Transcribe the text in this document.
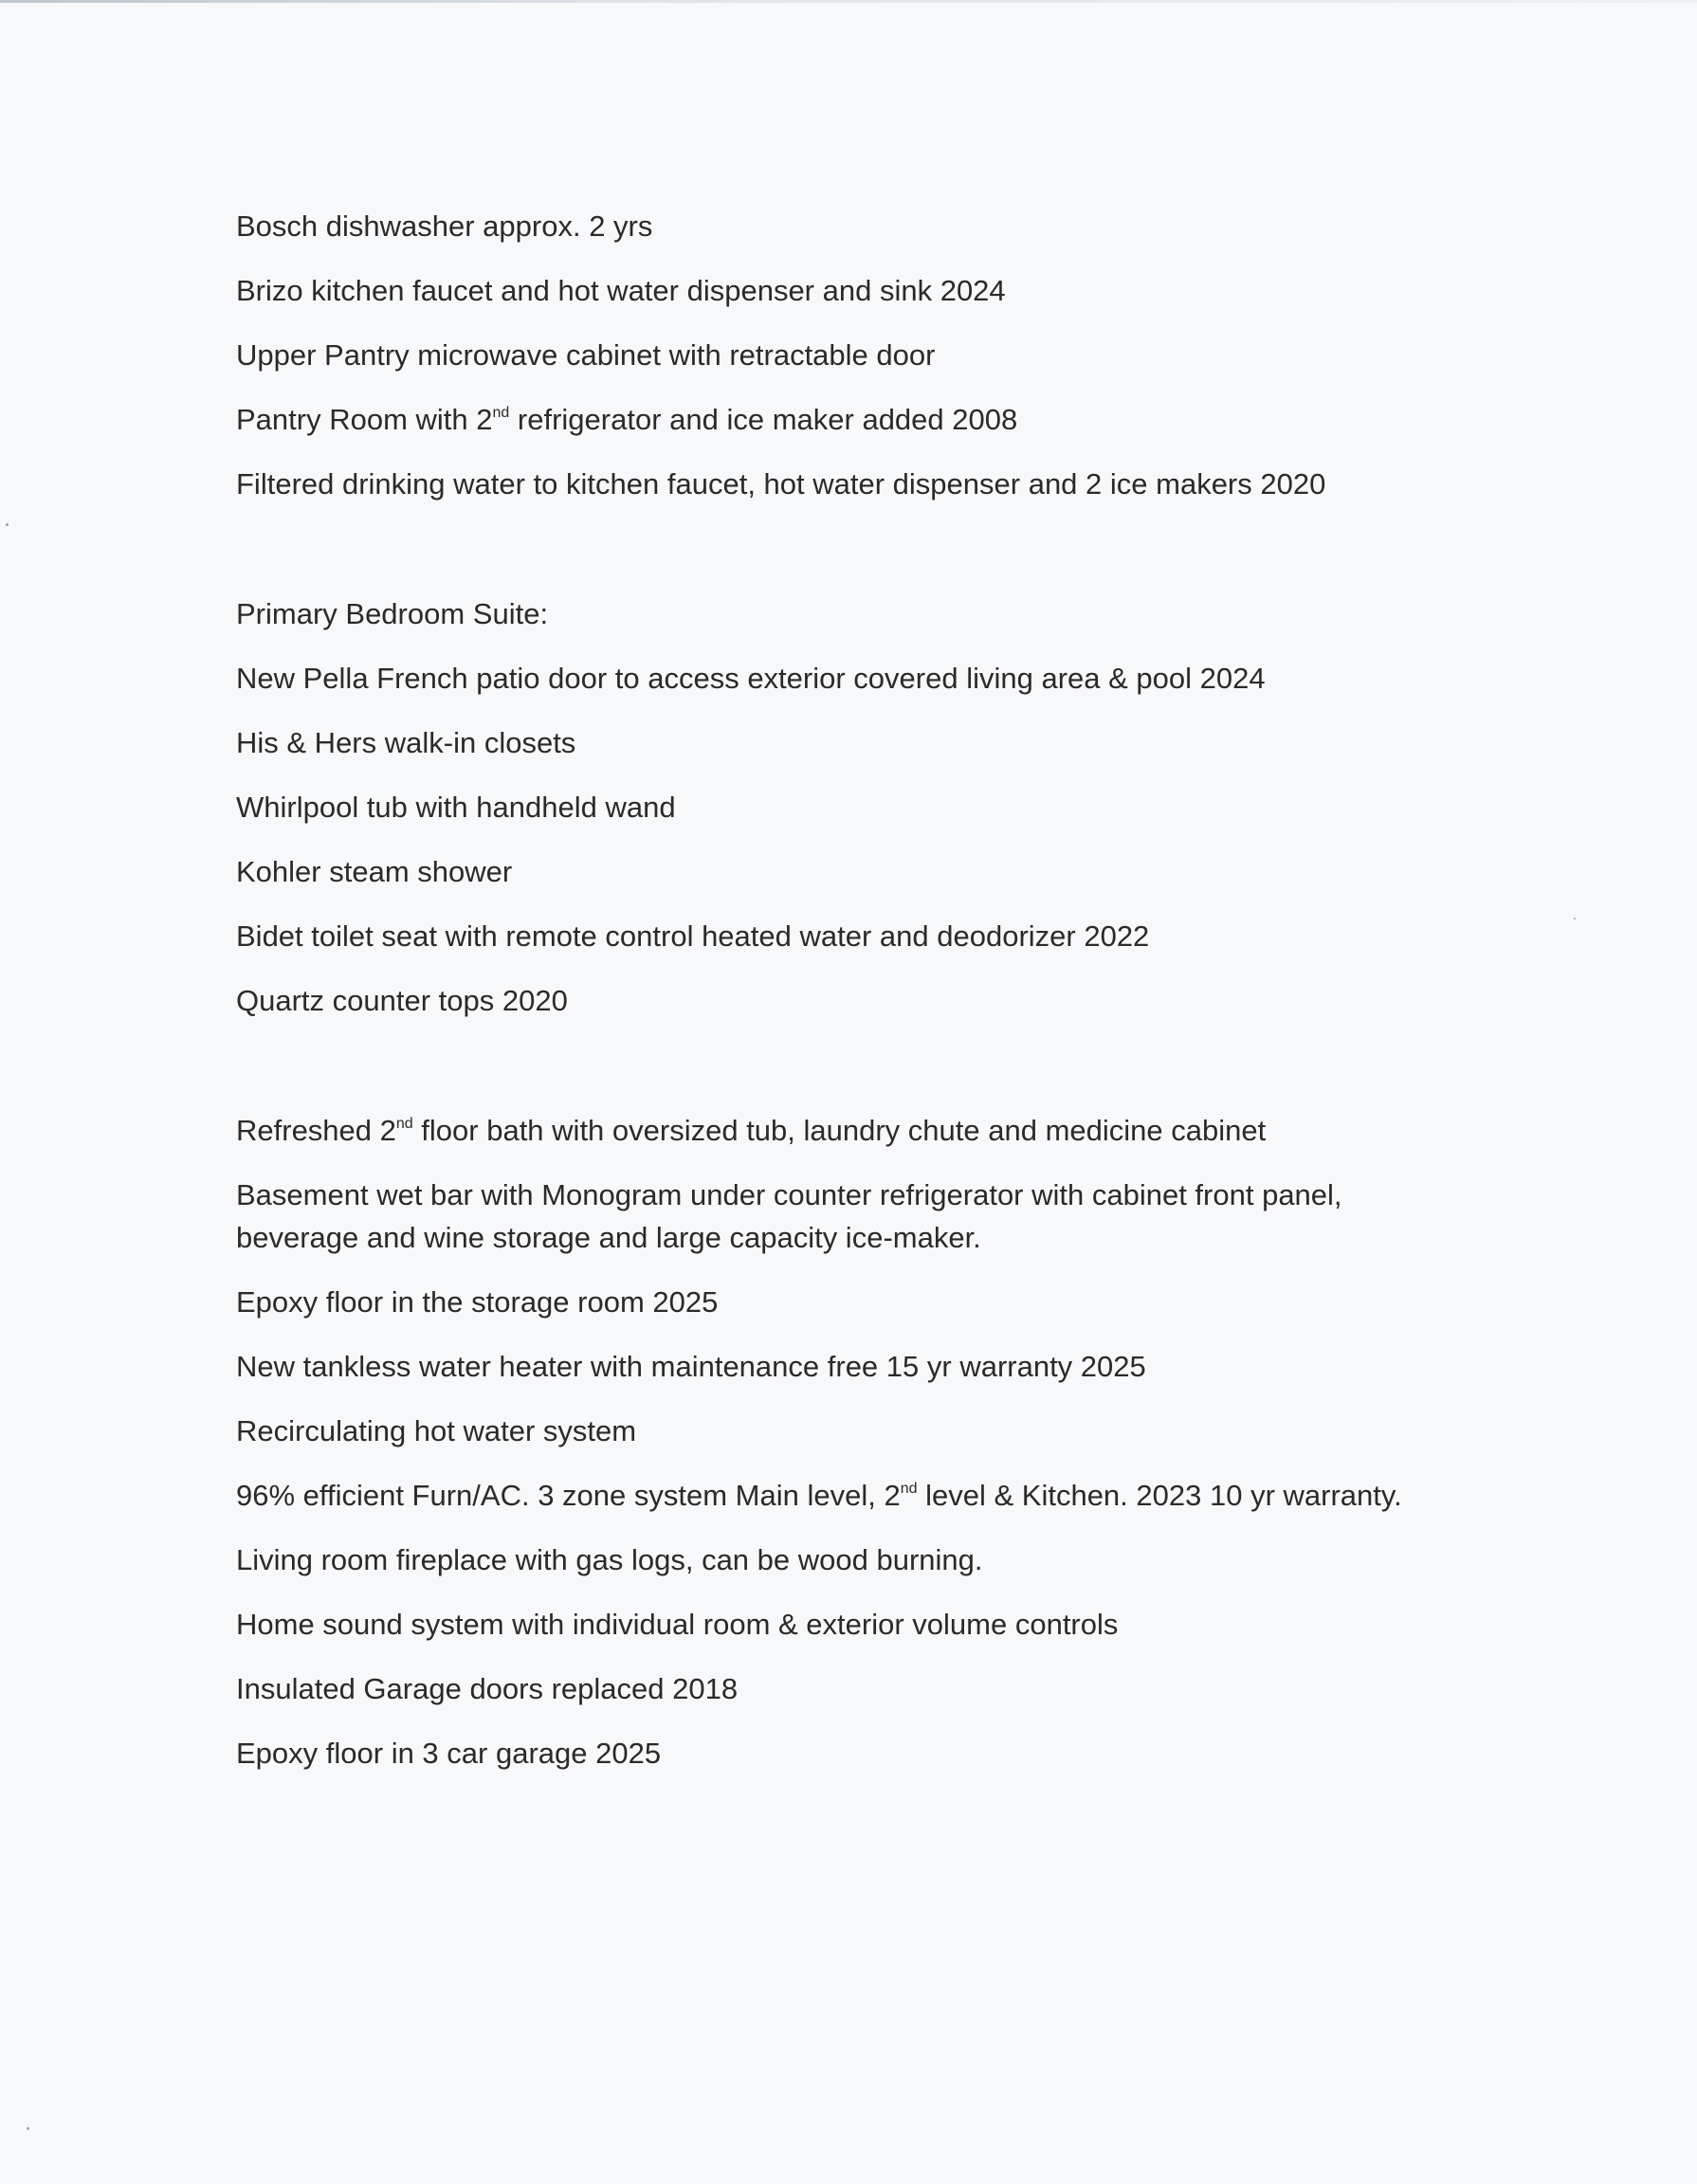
Bosch dishwasher approx. 2 yrs

Brizo kitchen faucet and hot water dispenser and sink 2024

Upper Pantry microwave cabinet with retractable door

Pantry Room with 2nd refrigerator and ice maker added 2008

Filtered drinking water to kitchen faucet, hot water dispenser and 2 ice makers 2020

Primary Bedroom Suite:

New Pella French patio door to access exterior covered living area & pool 2024

His & Hers walk-in closets

Whirlpool tub with handheld wand

Kohler steam shower

Bidet toilet seat with remote control heated water and deodorizer 2022

Quartz counter tops 2020

Refreshed 2nd floor bath with oversized tub, laundry chute and medicine cabinet

Basement wet bar with Monogram under counter refrigerator with cabinet front panel,
beverage and wine storage and large capacity ice-maker.

Epoxy floor in the storage room 2025

New tankless water heater with maintenance free 15 yr warranty 2025

Recirculating hot water system

96% efficient Furn/AC. 3 zone system Main level, 2nd level & Kitchen. 2023 10 yr warranty.

Living room fireplace with gas logs, can be wood burning.

Home sound system with individual room & exterior volume controls

Insulated Garage doors replaced 2018

Epoxy floor in 3 car garage 2025
